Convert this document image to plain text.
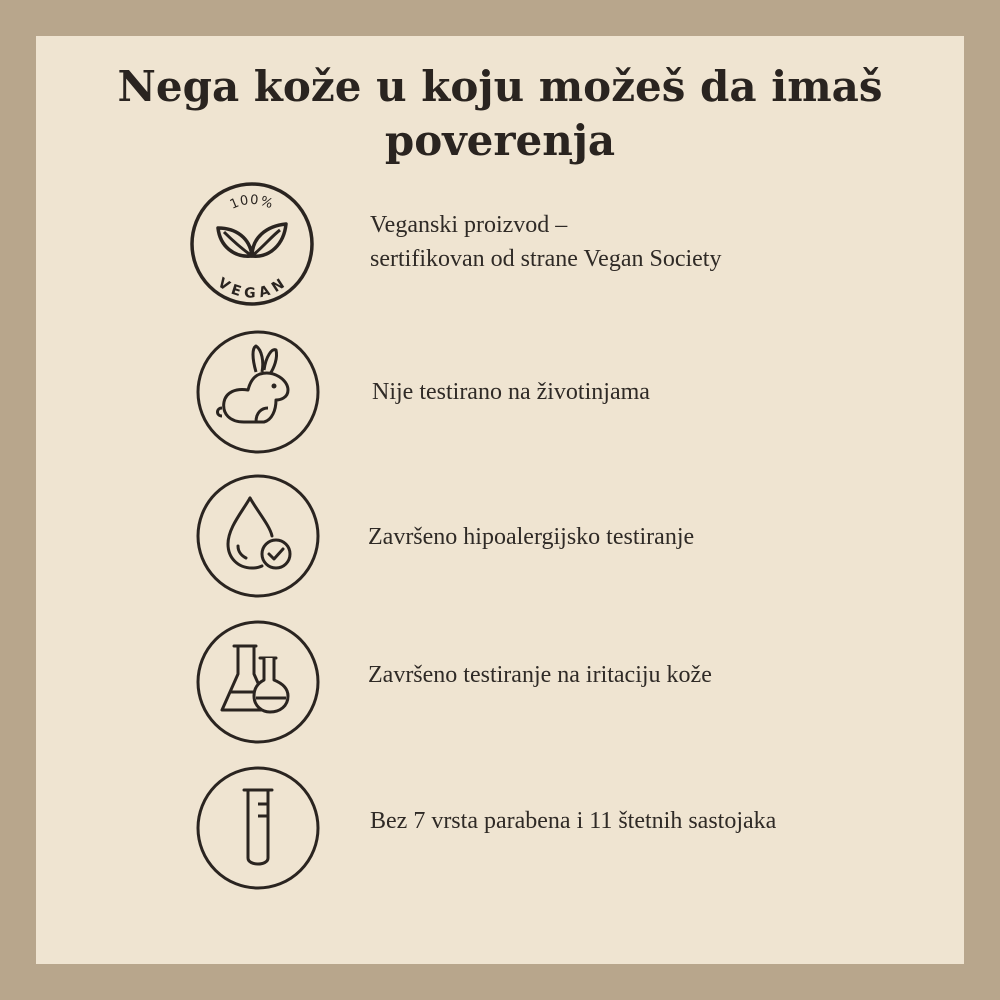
Nega kože u koju možeš da imaš
poverenja
100%
VEGAN
Veganski proizvod –
sertifikovan od strane Vegan Society
Nije testirano na životinjama
Završeno hipoalergijsko testiranje
Završeno testiranje na iritaciju kože
Bez 7 vrsta parabena i 11 štetnih sastojaka
